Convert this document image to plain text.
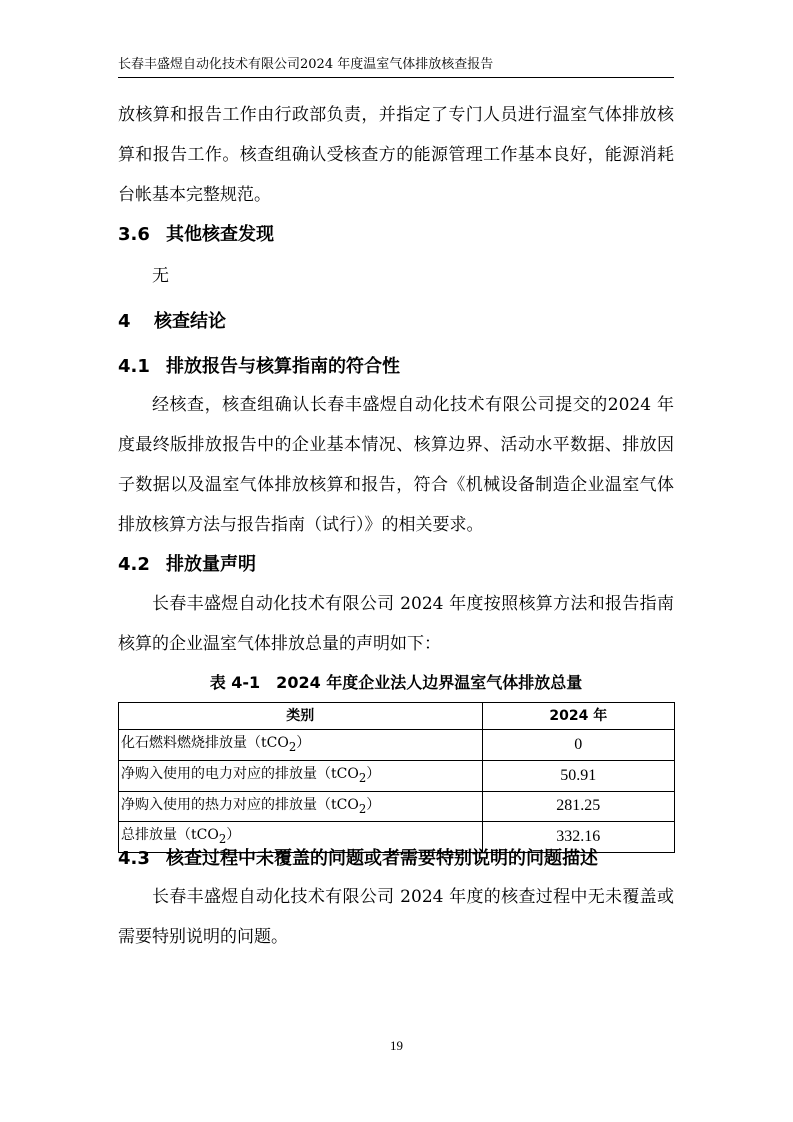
长春丰盛煜自动化技术有限公司2024 年度温室气体排放核查报告

放核算和报告工作由行政部负责，并指定了专门人员进行温室气体排放核算和报告工作。核查组确认受核查方的能源管理工作基本良好，能源消耗台帐基本完整规范。

3.6 其他核查发现

无

4 核查结论
4.1 排放报告与核算指南的符合性

经核查，核查组确认长春丰盛煜自动化技术有限公司提交的2024 年度最终版排放报告中的企业基本情况、核算边界、活动水平数据、排放因子数据以及温室气体排放核算和报告，符合《机械设备制造企业温室气体排放核算方法与报告指南（试行）》的相关要求。

4.2 排放量声明

长春丰盛煜自动化技术有限公司 2024 年度按照核算方法和报告指南核算的企业温室气体排放总量的声明如下：

表 4-1　2024 年度企业法人边界温室气体排放总量
类别	2024 年
化石燃料燃烧排放量（tCO$_2$）	0
净购入使用的电力对应的排放量（tCO$_2$）	50.91
净购入使用的热力对应的排放量（tCO$_2$）	281.25
总排放量（tCO$_2$）	332.16
4.3 核查过程中未覆盖的问题或者需要特别说明的问题描述

长春丰盛煜自动化技术有限公司 2024 年度的核查过程中无未覆盖或需要特别说明的问题。

19
